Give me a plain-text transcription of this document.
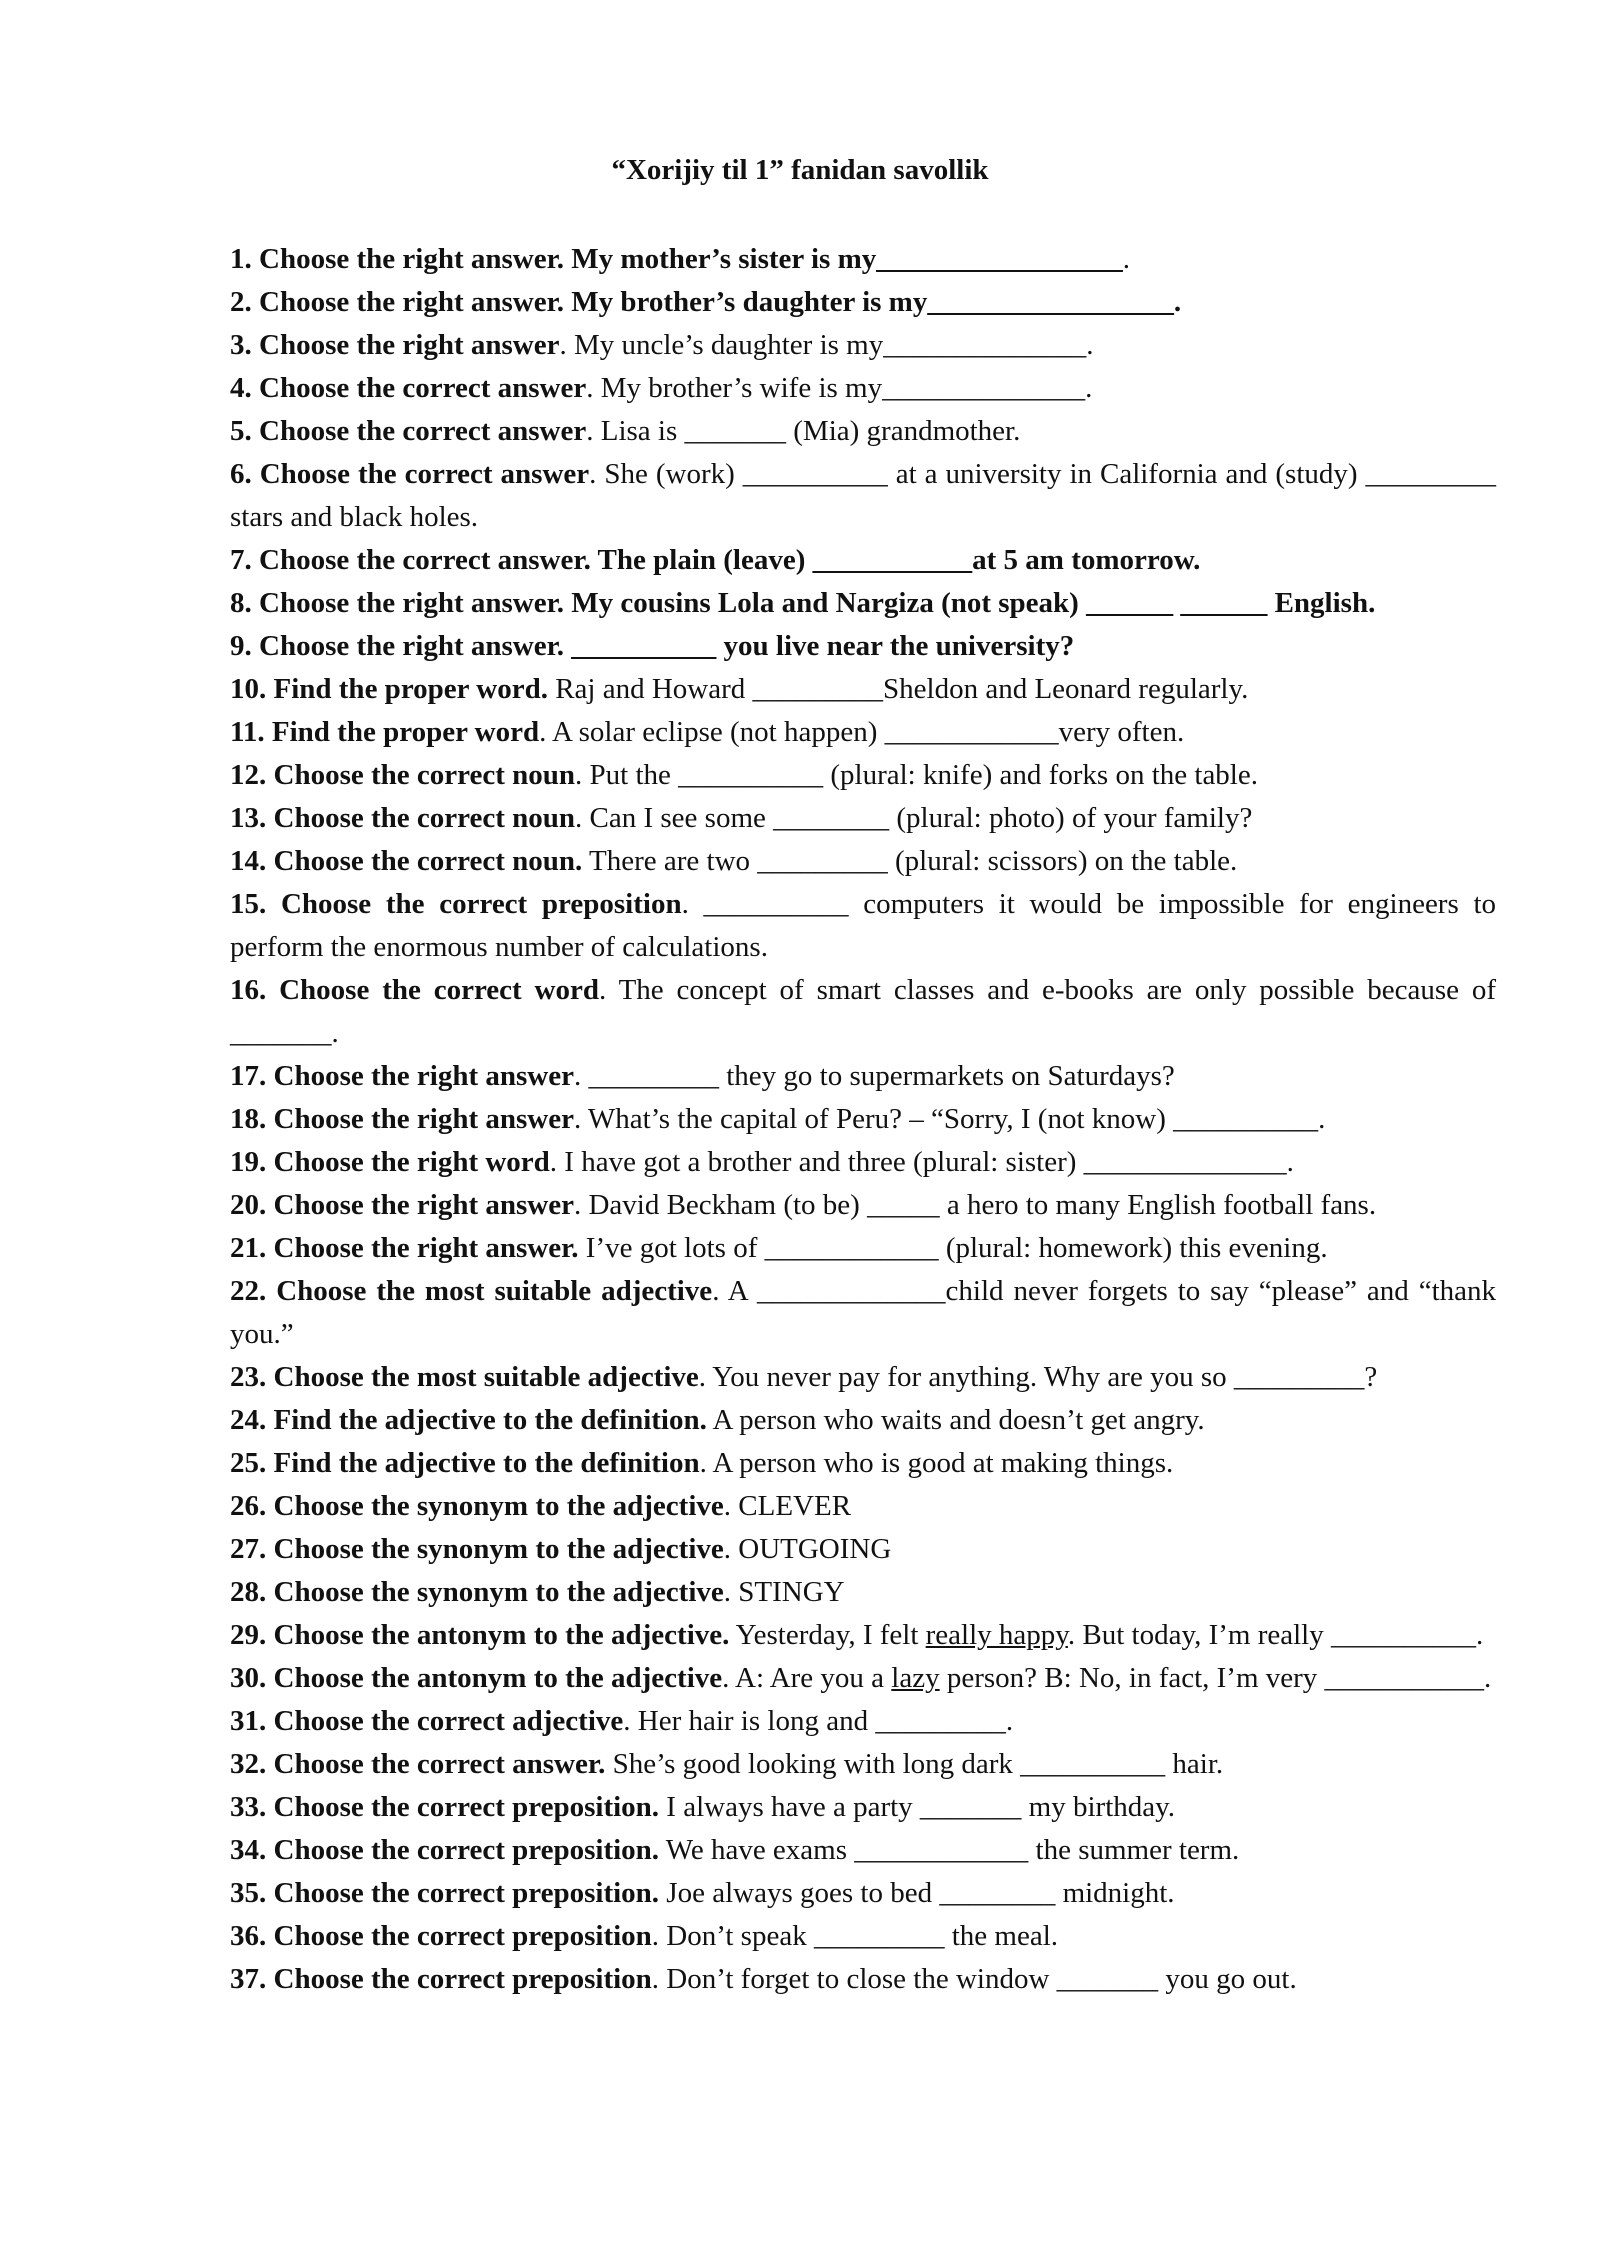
“Xorijiy til 1” fanidan savollik
1. Choose the right answer. My mother’s sister is my_________________.
2. Choose the right answer. My brother’s daughter is my_________________.
3. Choose the right answer. My uncle’s daughter is my______________.
4. Choose the correct answer. My brother’s wife is my______________.
5. Choose the correct answer. Lisa is _______ (Mia) grandmother.
6. Choose the correct answer. She (work) __________ at a university in California and (study) _________ stars and black holes.
7. Choose the correct answer. The plain (leave) ___________at 5 am tomorrow.
8. Choose the right answer. My cousins Lola and Nargiza (not speak) ______ ______ English.
9. Choose the right answer. __________ you live near the university?
10. Find the proper word. Raj and Howard _________Sheldon and Leonard regularly.
11. Find the proper word. A solar eclipse (not happen) ____________very often.
12. Choose the correct noun. Put the __________ (plural: knife) and forks on the table.
13. Choose the correct noun. Can I see some ________ (plural: photo) of your family?
14. Choose the correct noun. There are two _________ (plural: scissors) on the table.
15. Choose the correct preposition. __________ computers it would be impossible for engineers to perform the enormous number of calculations.
16. Choose the correct word. The concept of smart classes and e-books are only possible because of _______.
17. Choose the right answer. _________ they go to supermarkets on Saturdays?
18. Choose the right answer. What’s the capital of Peru? – “Sorry, I (not know) __________.
19. Choose the right word. I have got a brother and three (plural: sister) ______________.
20. Choose the right answer. David Beckham (to be) _____ a hero to many English football fans.
21. Choose the right answer. I’ve got lots of ____________ (plural: homework) this evening.
22. Choose the most suitable adjective. A _____________child never forgets to say “please” and “thank you.”
23. Choose the most suitable adjective. You never pay for anything. Why are you so _________?
24. Find the adjective to the definition. A person who waits and doesn’t get angry.
25. Find the adjective to the definition. A person who is good at making things.
26. Choose the synonym to the adjective. CLEVER
27. Choose the synonym to the adjective. OUTGOING
28. Choose the synonym to the adjective. STINGY
29. Choose the antonym to the adjective. Yesterday, I felt really happy. But today, I’m really __________.
30. Choose the antonym to the adjective. A: Are you a lazy person? B: No, in fact, I’m very ___________.
31. Choose the correct adjective. Her hair is long and _________.
32. Choose the correct answer. She’s good looking with long dark __________ hair.
33. Choose the correct preposition. I always have a party _______ my birthday.
34. Choose the correct preposition. We have exams ____________ the summer term.
35. Choose the correct preposition. Joe always goes to bed ________ midnight.
36. Choose the correct preposition. Don’t speak _________ the meal.
37. Choose the correct preposition. Don’t forget to close the window _______ you go out.
